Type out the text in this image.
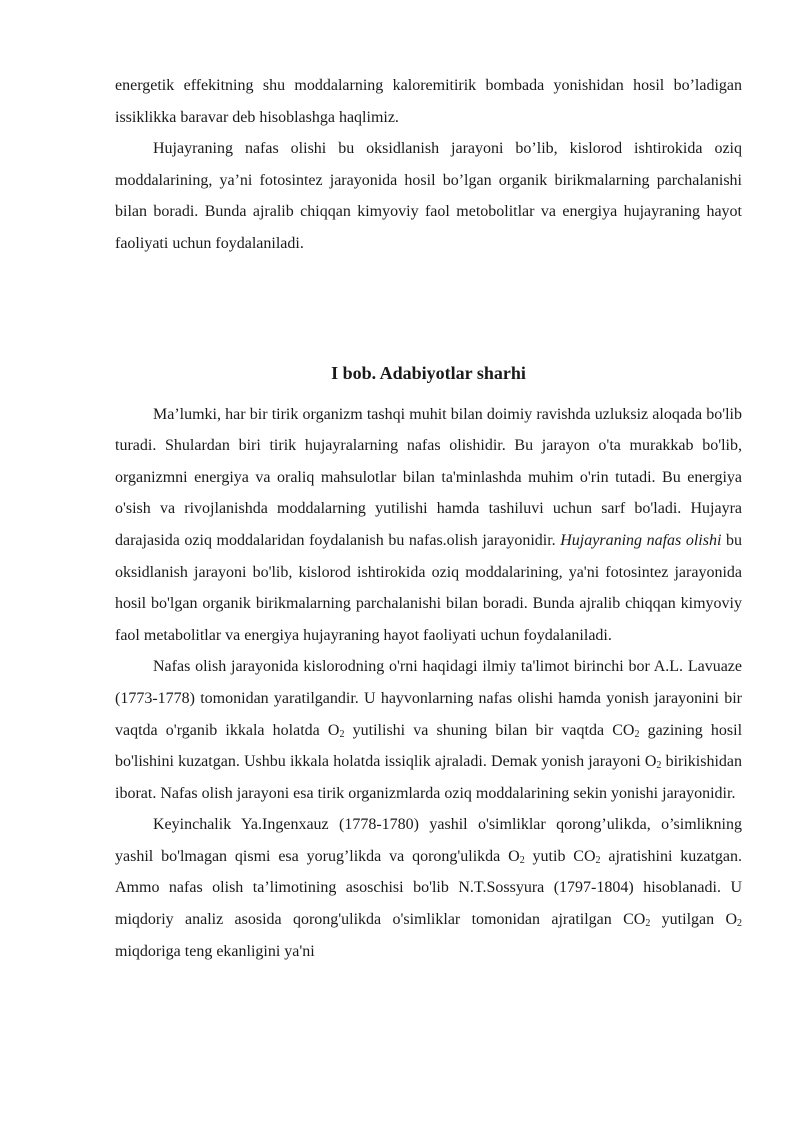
energetik effekitning shu moddalarning kaloremitirik bombada yonishidan hosil bo’ladigan issiklikka baravar deb hisoblashga haqlimiz.

Hujayraning nafas olishi bu oksidlanish jarayoni bo’lib, kislorod ishtirokida oziq moddalarining, ya’ni fotosintez jarayonida hosil bo’lgan organik birikmalarning parchalanishi bilan boradi. Bunda ajralib chiqqan kimyoviy faol metobolitlar va energiya hujayraning hayot faoliyati uchun foydalaniladi.

I bob. Adabiyotlar sharhi

Ma’lumki, har bir tirik organizm tashqi muhit bilan doimiy ravishda uzluksiz aloqada bo'lib turadi. Shulardan biri tirik hujayralarning nafas olishidir. Bu jarayon o'ta murakkab bo'lib, organizmni energiya va oraliq mahsulotlar bilan ta'minlashda muhim o'rin tutadi. Bu energiya o'sish va rivojlanishda moddalarning yutilishi hamda tashiluvi uchun sarf bo'ladi. Hujayra darajasida oziq moddalaridan foydalanish bu nafas.olish jarayonidir. Hujayraning nafas olishi bu oksidlanish jarayoni bo'lib, kislorod ishtirokida oziq moddalarining, ya'ni fotosintez jarayonida hosil bo'lgan organik birikmalarning parchalanishi bilan boradi. Bunda ajralib chiqqan kimyoviy faol metabolitlar va energiya hujayraning hayot faoliyati uchun foydalaniladi.

Nafas olish jarayonida kislorodning o'rni haqidagi ilmiy ta'limot birinchi bor A.L. Lavuaze (1773-1778) tomonidan yaratilgandir. U hayvonlarning nafas olishi hamda yonish jarayonini bir vaqtda o'rganib ikkala holatda $O_2$ yutilishi va shuning bilan bir vaqtda $CO_2$ gazining hosil bo'lishini kuzatgan. Ushbu ikkala holatda issiqlik ajraladi. Demak yonish jarayoni $O_2$ birikishidan iborat. Nafas olish jarayoni esa tirik organizmlarda oziq moddalarining sekin yonishi jarayonidir.

Keyinchalik Ya.Ingenxauz (1778-1780) yashil o'simliklar qorong’ulikda, o’simlikning yashil bo'lmagan qismi esa yorug’likda va qorong'ulikda $O_2$ yutib $CO_2$ ajratishini kuzatgan. Ammo nafas olish ta’limotining asoschisi bo'lib N.T.Sossyura (1797-1804) hisoblanadi. U miqdoriy analiz asosida qorong'ulikda o'simliklar tomonidan ajratilgan $CO_2$ yutilgan $O_2$ miqdoriga teng ekanligini ya'ni
